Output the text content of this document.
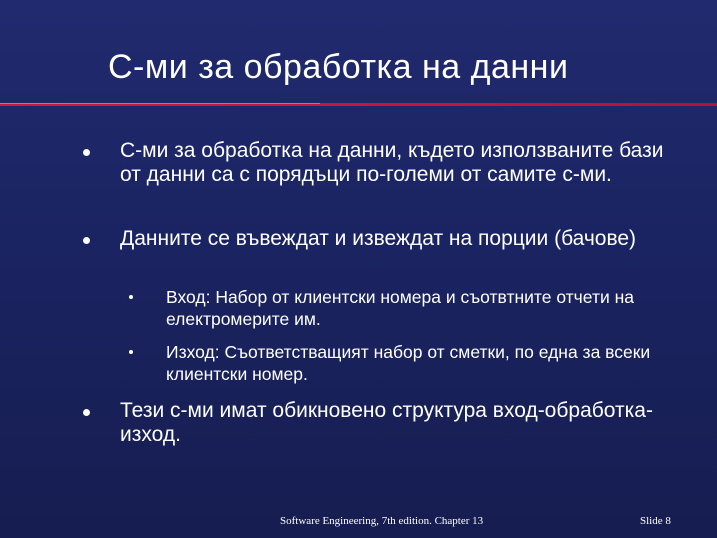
С-ми за обработка на данни
С-ми за обработка на данни, където използваните бази от данни са с порядъци по-големи от самите с-ми.
Данните се въвеждат и извеждат на порции (бачове)
Вход: Набор от клиентски номера и съотвтните отчети на електромерите им.
Изход: Съответстващият набор от сметки, по една за всеки клиентски номер.
Тези с-ми имат обикновено структура вход-обработка-изход.
Software Engineering, 7th edition. Chapter 13	Slide 8
